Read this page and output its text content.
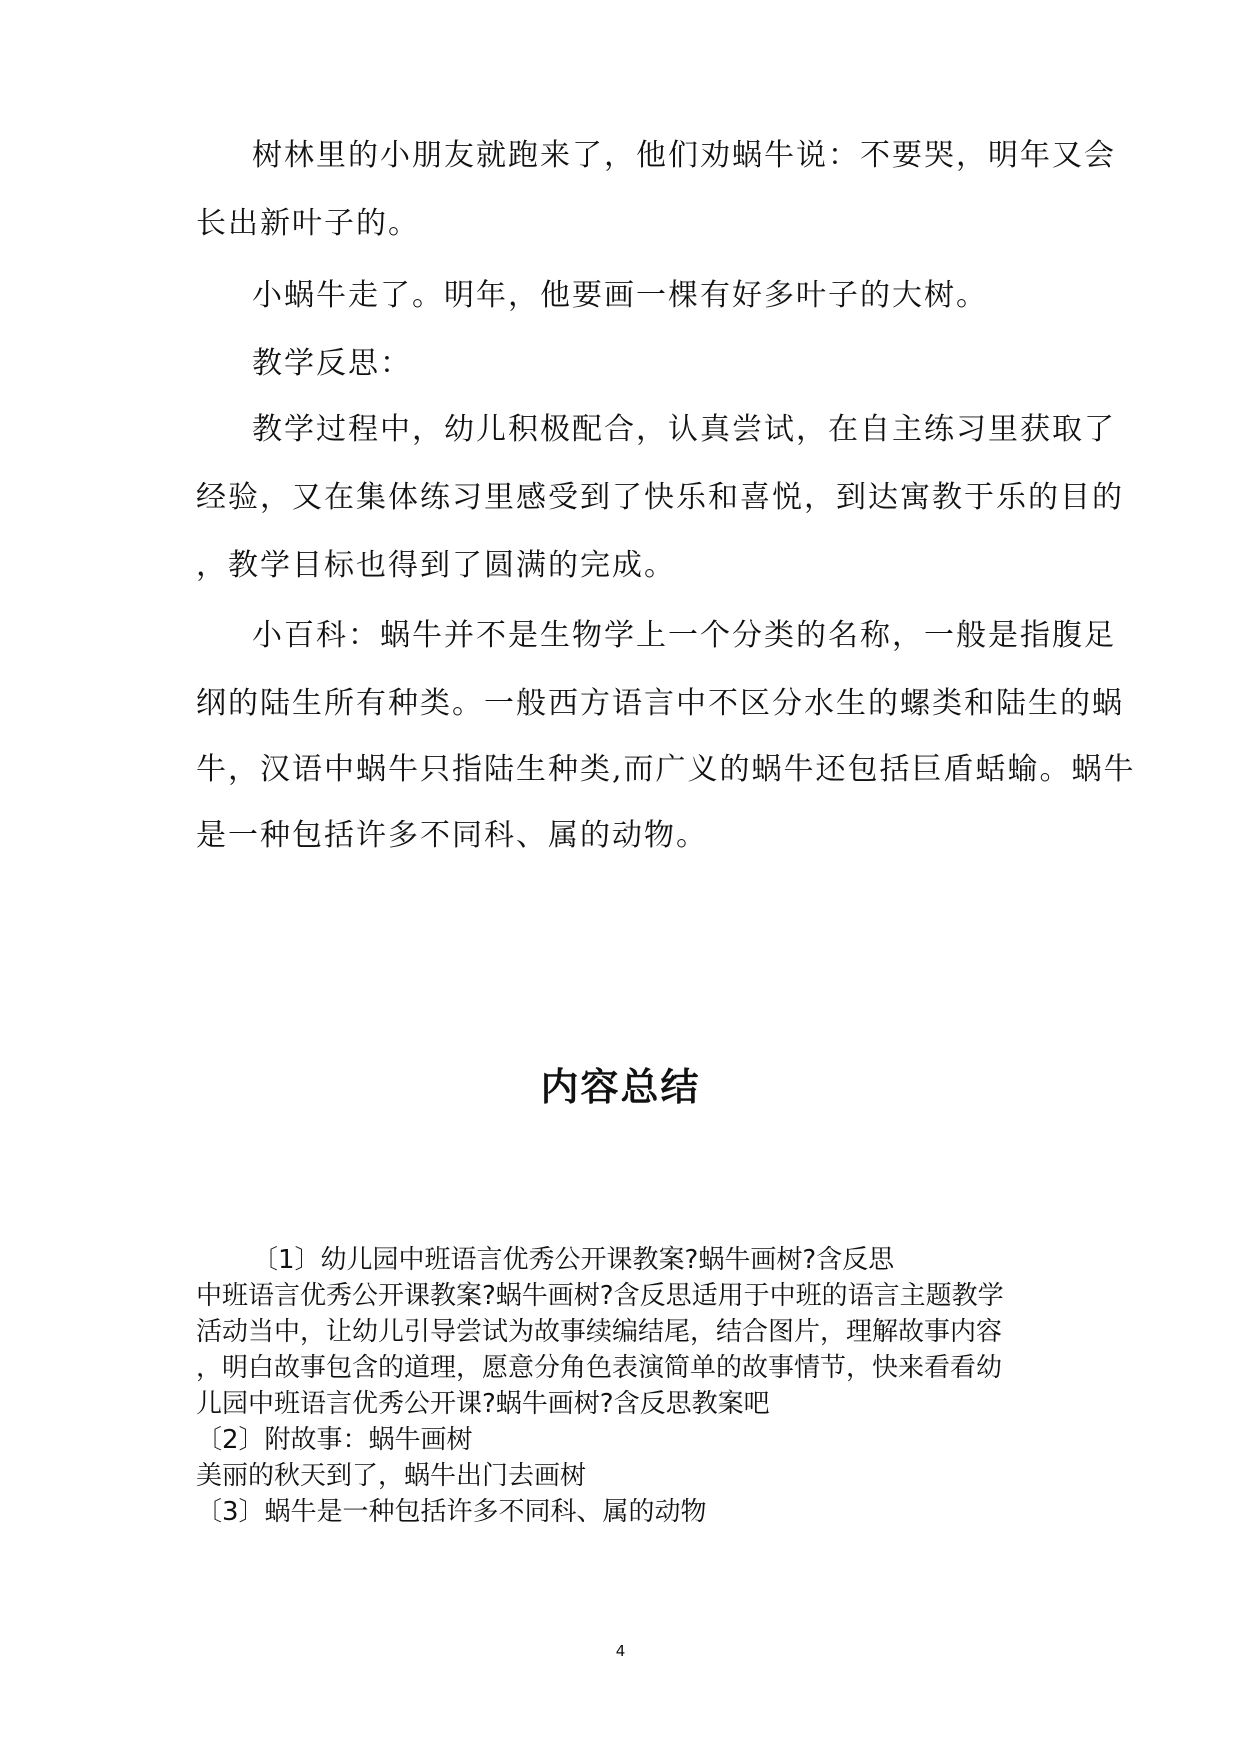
树林里的小朋友就跑来了，他们劝蜗牛说：不要哭，明年又会
长出新叶子的。
小蜗牛走了。明年，他要画一棵有好多叶子的大树。
教学反思：
教学过程中，幼儿积极配合，认真尝试，在自主练习里获取了
经验，又在集体练习里感受到了快乐和喜悦，到达寓教于乐的目的
，教学目标也得到了圆满的完成。
小百科：蜗牛并不是生物学上一个分类的名称，一般是指腹足
纲的陆生所有种类。一般西方语言中不区分水生的螺类和陆生的蜗
牛，汉语中蜗牛只指陆生种类,而广义的蜗牛还包括巨盾蛞蝓。蜗牛
是一种包括许多不同科、属的动物。
内容总结
〔1〕幼儿园中班语言优秀公开课教案?蜗牛画树?含反思
中班语言优秀公开课教案?蜗牛画树?含反思适用于中班的语言主题教学
活动当中，让幼儿引导尝试为故事续编结尾，结合图片，理解故事内容
，明白故事包含的道理，愿意分角色表演简单的故事情节，快来看看幼
儿园中班语言优秀公开课?蜗牛画树?含反思教案吧
〔2〕附故事：蜗牛画树
美丽的秋天到了，蜗牛出门去画树
〔3〕蜗牛是一种包括许多不同科、属的动物
4
